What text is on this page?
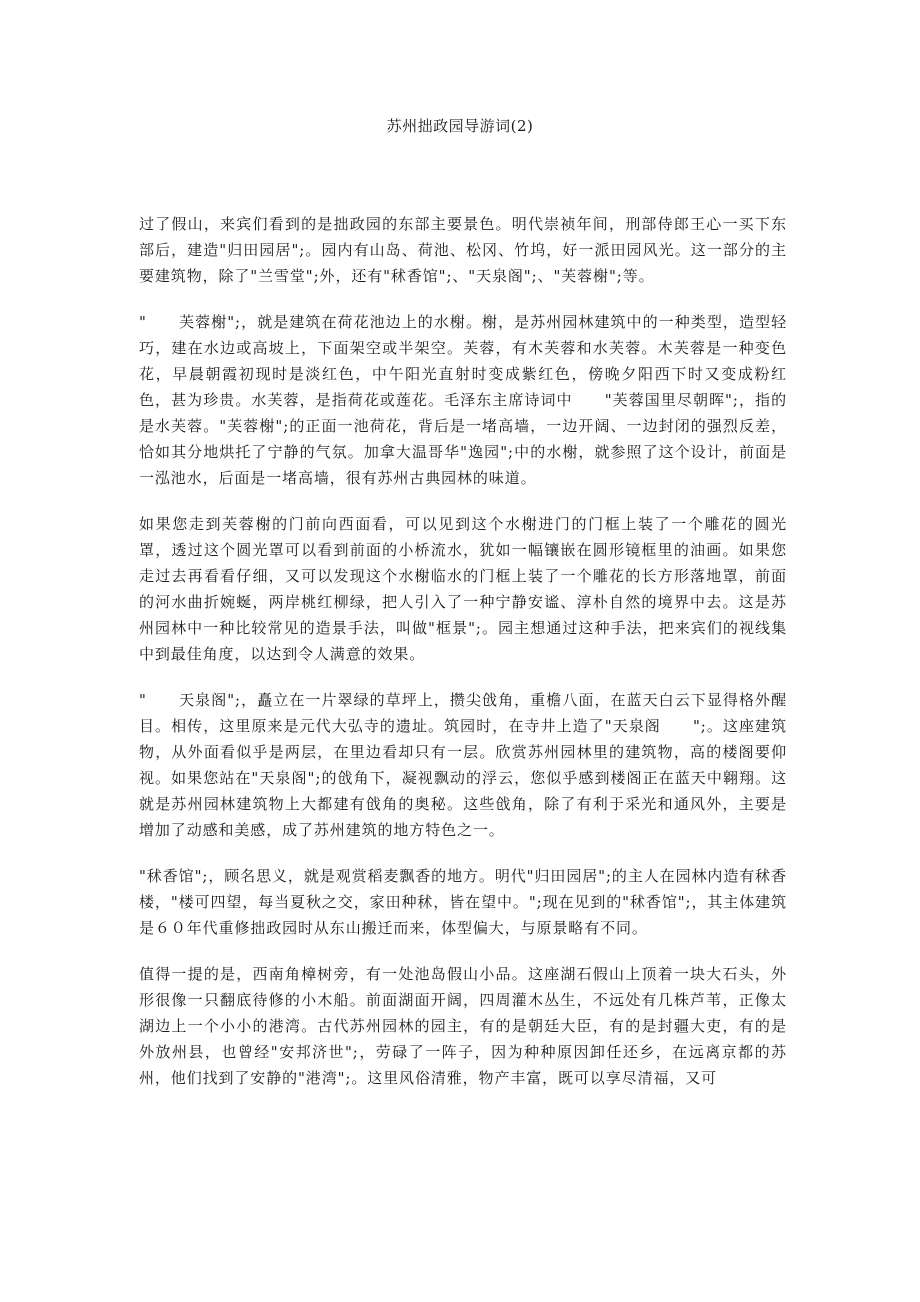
苏州拙政园导游词(2)

过了假山，来宾们看到的是拙政园的东部主要景色。明代崇祯年间，刑部侍郎王心一买下东部后，建造"归田园居";。园内有山岛、荷池、松冈、竹坞，好一派田园风光。这一部分的主要建筑物，除了"兰雪堂";外，还有"秫香馆";、"天泉阁";、"芙蓉榭";等。

"　　芙蓉榭";，就是建筑在荷花池边上的水榭。榭，是苏州园林建筑中的一种类型，造型轻巧，建在水边或高坡上，下面架空或半架空。芙蓉，有木芙蓉和水芙蓉。木芙蓉是一种变色花，早晨朝霞初现时是淡红色，中午阳光直射时变成紫红色，傍晚夕阳西下时又变成粉红色，甚为珍贵。水芙蓉，是指荷花或莲花。毛泽东主席诗词中　　"芙蓉国里尽朝晖";，指的是水芙蓉。"芙蓉榭";的正面一池荷花，背后是一堵高墙，一边开阔、一边封闭的强烈反差，恰如其分地烘托了宁静的气氛。加拿大温哥华"逸园";中的水榭，就参照了这个设计，前面是一泓池水，后面是一堵高墙，很有苏州古典园林的味道。

如果您走到芙蓉榭的门前向西面看，可以见到这个水榭进门的门框上装了一个雕花的圆光罩，透过这个圆光罩可以看到前面的小桥流水，犹如一幅镶嵌在圆形镜框里的油画。如果您走过去再看看仔细，又可以发现这个水榭临水的门框上装了一个雕花的长方形落地罩，前面的河水曲折婉蜒，两岸桃红柳绿，把人引入了一种宁静安谧、淳朴自然的境界中去。这是苏州园林中一种比较常见的造景手法，叫做"框景";。园主想通过这种手法，把来宾们的视线集中到最佳角度，以达到令人满意的效果。

"　　天泉阁";，矗立在一片翠绿的草坪上，攒尖戗角，重檐八面，在蓝天白云下显得格外醒目。相传，这里原来是元代大弘寺的遗址。筑园时，在寺井上造了"天泉阁　　";。这座建筑物，从外面看似乎是两层，在里边看却只有一层。欣赏苏州园林里的建筑物，高的楼阁要仰视。如果您站在"天泉阁";的戗角下，凝视飘动的浮云，您似乎感到楼阁正在蓝天中翱翔。这就是苏州园林建筑物上大都建有戗角的奥秘。这些戗角，除了有利于采光和通风外，主要是增加了动感和美感，成了苏州建筑的地方特色之一。

"秫香馆";，顾名思义，就是观赏稻麦飘香的地方。明代"归田园居";的主人在园林内造有秫香楼，"楼可四望，每当夏秋之交，家田种秫，皆在望中。";现在见到的"秫香馆";，其主体建筑是６０年代重修拙政园时从东山搬迁而来，体型偏大，与原景略有不同。

值得一提的是，西南角樟树旁，有一处池岛假山小品。这座湖石假山上顶着一块大石头，外形很像一只翻底待修的小木船。前面湖面开阔，四周灌木丛生，不远处有几株芦苇，正像太湖边上一个小小的港湾。古代苏州园林的园主，有的是朝廷大臣，有的是封疆大吏，有的是外放州县，也曾经"安邦济世";，劳碌了一阵子，因为种种原因卸任还乡，在远离京都的苏州，他们找到了安静的"港湾";。这里风俗清雅，物产丰富，既可以享尽清福，又可
